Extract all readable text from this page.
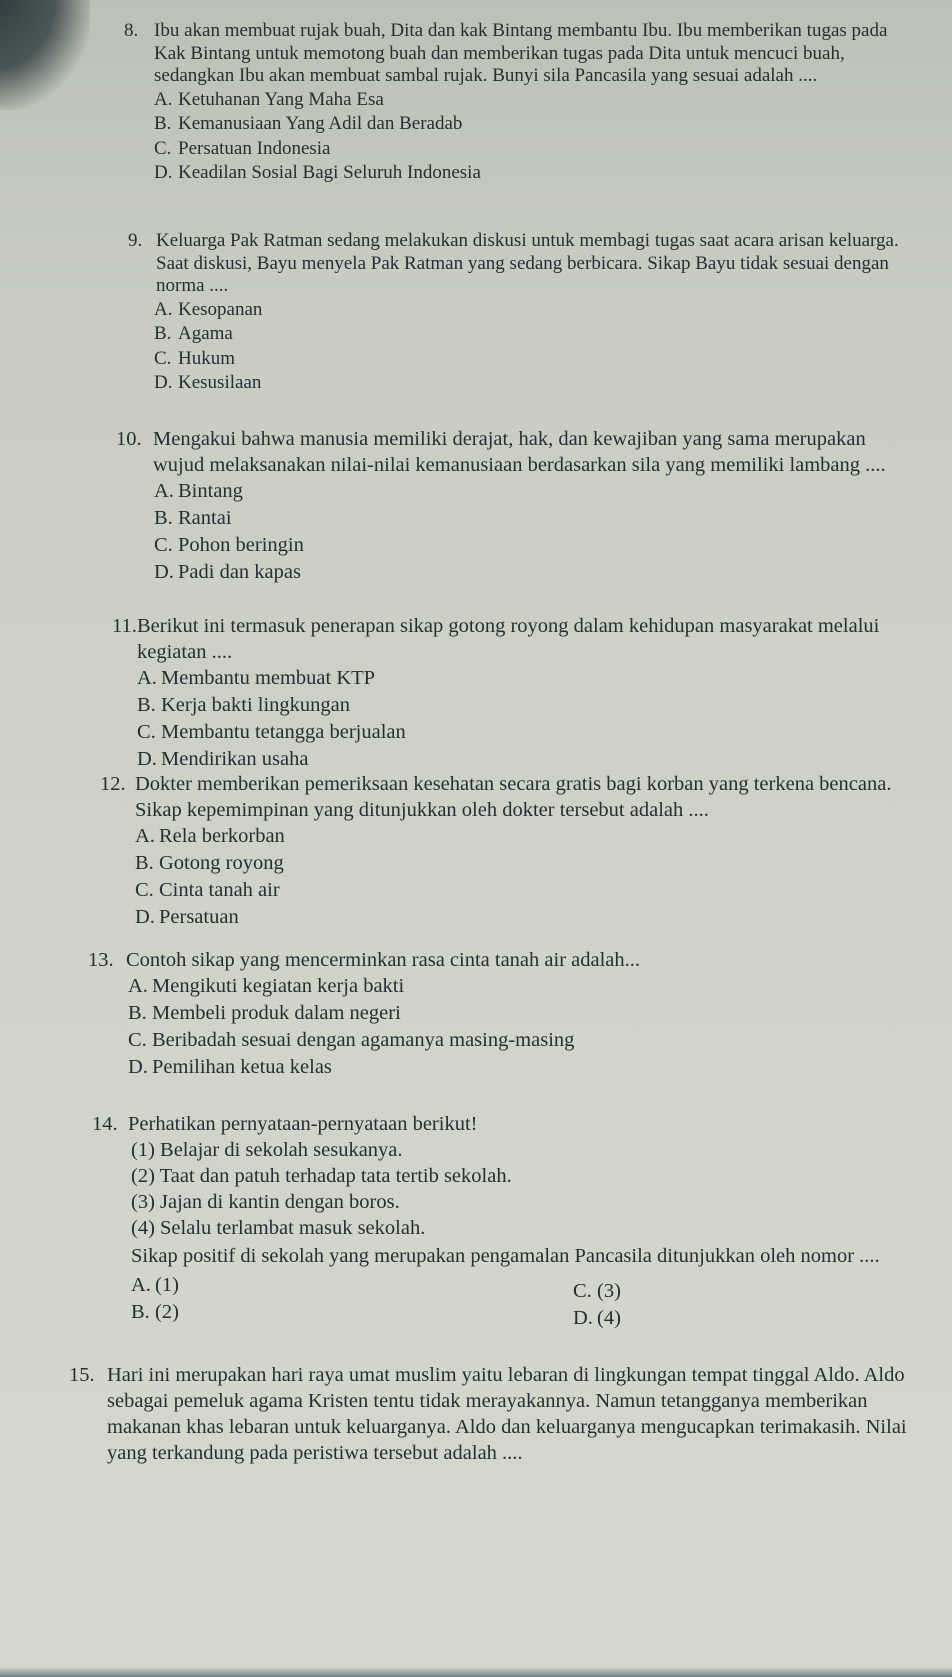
8. Ibu akan membuat rujak buah, Dita dan kak Bintang membantu Ibu. Ibu memberikan tugas pada Kak Bintang untuk memotong buah dan memberikan tugas pada Dita untuk mencuci buah, sedangkan Ibu akan membuat sambal rujak. Bunyi sila Pancasila yang sesuai adalah ....

A. Ketuhanan Yang Maha Esa

B. Kemanusiaan Yang Adil dan Beradab

C. Persatuan Indonesia

D. Keadilan Sosial Bagi Seluruh Indonesia

9. Keluarga Pak Ratman sedang melakukan diskusi untuk membagi tugas saat acara arisan keluarga. Saat diskusi, Bayu menyela Pak Ratman yang sedang berbicara. Sikap Bayu tidak sesuai dengan norma ....

A. Kesopanan

B. Agama

C. Hukum

D. Kesusilaan

10. Mengakui bahwa manusia memiliki derajat, hak, dan kewajiban yang sama merupakan wujud melaksanakan nilai-nilai kemanusiaan berdasarkan sila yang memiliki lambang ....

A. Bintang

B. Rantai

C. Pohon beringin

D. Padi dan kapas

11.Berikut ini termasuk penerapan sikap gotong royong dalam kehidupan masyarakat melalui kegiatan ....

A. Membantu membuat KTP

B. Kerja bakti lingkungan

C. Membantu tetangga berjualan

D. Mendirikan usaha

12. Dokter memberikan pemeriksaan kesehatan secara gratis bagi korban yang terkena bencana. Sikap kepemimpinan yang ditunjukkan oleh dokter tersebut adalah ....

A. Rela berkorban

B. Gotong royong

C. Cinta tanah air

D. Persatuan

13. Contoh sikap yang mencerminkan rasa cinta tanah air adalah...

A. Mengikuti kegiatan kerja bakti

B. Membeli produk dalam negeri

C. Beribadah sesuai dengan agamanya masing-masing

D. Pemilihan ketua kelas

14. Perhatikan pernyataan-pernyataan berikut!

(1) Belajar di sekolah sesukanya.

(2) Taat dan patuh terhadap tata tertib sekolah.

(3) Jajan di kantin dengan boros.

(4) Selalu terlambat masuk sekolah.

Sikap positif di sekolah yang merupakan pengamalan Pancasila ditunjukkan oleh nomor ....

A. (1)

B. (2)

C. (3)

D. (4)

15. Hari ini merupakan hari raya umat muslim yaitu lebaran di lingkungan tempat tinggal Aldo. Aldo sebagai pemeluk agama Kristen tentu tidak merayakannya. Namun tetangganya memberikan makanan khas lebaran untuk keluarganya. Aldo dan keluarganya mengucapkan terimakasih. Nilai yang terkandung pada peristiwa tersebut adalah ....
